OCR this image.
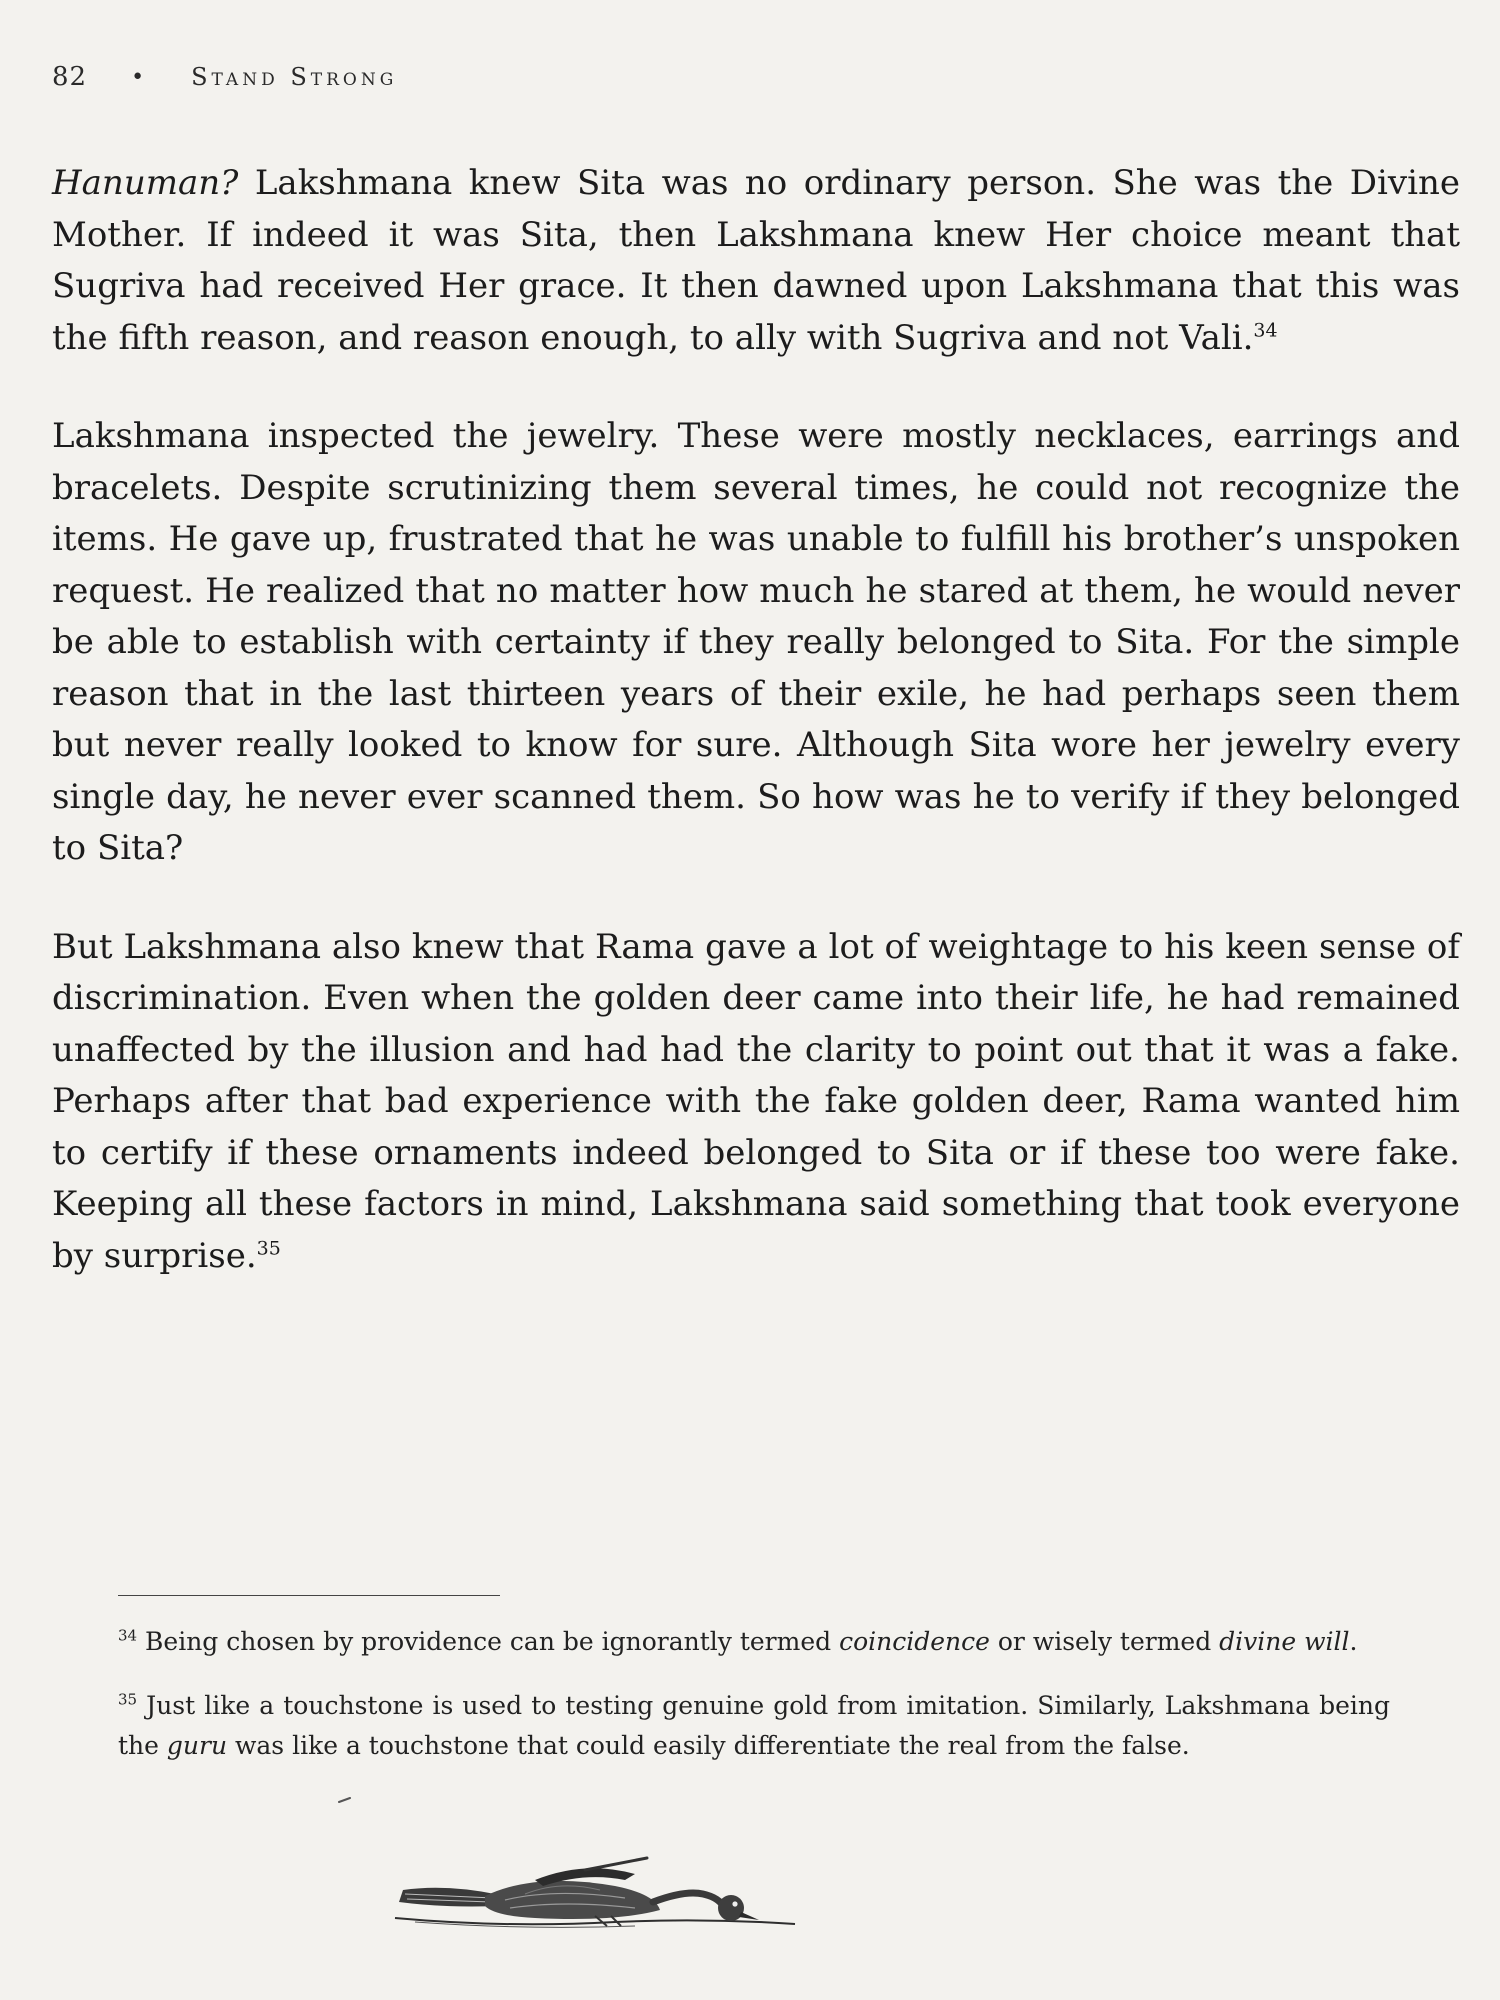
82 • Stand Strong

Hanuman? Lakshmana knew Sita was no ordinary person. She was the Divine Mother. If indeed it was Sita, then Lakshmana knew Her choice meant that Sugriva had received Her grace. It then dawned upon Lakshmana that this was the fifth reason, and reason enough, to ally with Sugriva and not Vali.$^{34}$

Lakshmana inspected the jewelry. These were mostly necklaces, earrings and bracelets. Despite scrutinizing them several times, he could not recognize the items. He gave up, frustrated that he was unable to fulfill his brother’s unspoken request. He realized that no matter how much he stared at them, he would never be able to establish with certainty if they really belonged to Sita. For the simple reason that in the last thirteen years of their exile, he had perhaps seen them but never really looked to know for sure. Although Sita wore her jewelry every single day, he never ever scanned them. So how was he to verify if they belonged to Sita?

But Lakshmana also knew that Rama gave a lot of weightage to his keen sense of discrimination. Even when the golden deer came into their life, he had remained unaffected by the illusion and had had the clarity to point out that it was a fake. Perhaps after that bad experience with the fake golden deer, Rama wanted him to certify if these ornaments indeed belonged to Sita or if these too were fake. Keeping all these factors in mind, Lakshmana said something that took everyone by surprise.$^{35}$

$^{34}$ Being chosen by providence can be ignorantly termed coincidence or wisely termed divine will.

$^{35}$ Just like a touchstone is used to testing genuine gold from imitation. Similarly, Lakshmana being the guru was like a touchstone that could easily differentiate the real from the false.
